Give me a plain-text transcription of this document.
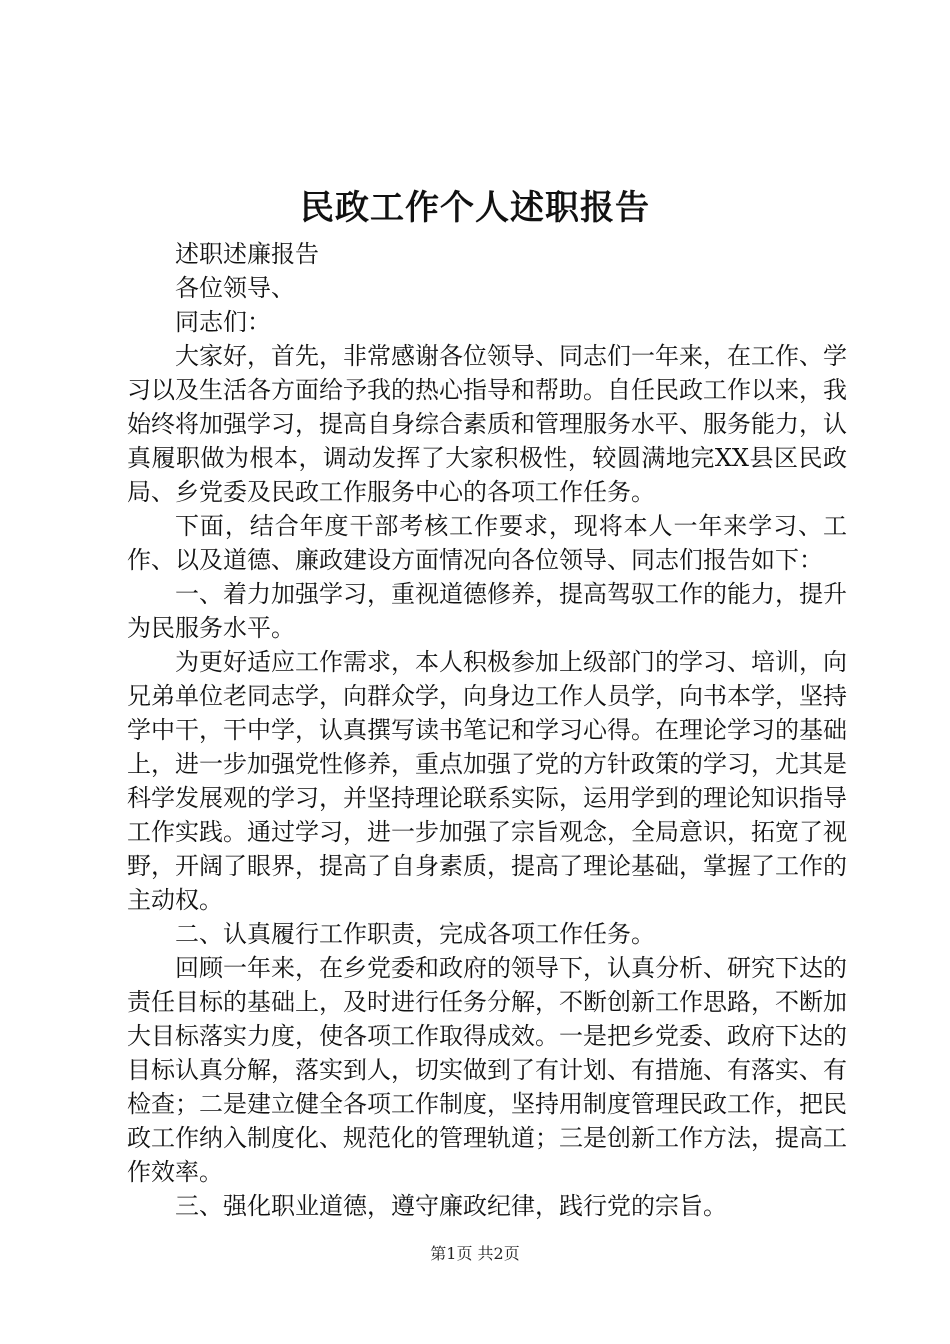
民政工作个人述职报告

述职述廉报告

各位领导、

同志们：

大家好，首先，非常感谢各位领导、同志们一年来，在工作、学习以及生活各方面给予我的热心指导和帮助。自任民政工作以来，我始终将加强学习，提高自身综合素质和管理服务水平、服务能力，认真履职做为根本，调动发挥了大家积极性，较圆满地完XX县区民政局、乡党委及民政工作服务中心的各项工作任务。

下面，结合年度干部考核工作要求，现将本人一年来学习、工作、以及道德、廉政建设方面情况向各位领导、同志们报告如下：

一、着力加强学习，重视道德修养，提高驾驭工作的能力，提升为民服务水平。

为更好适应工作需求，本人积极参加上级部门的学习、培训，向兄弟单位老同志学，向群众学，向身边工作人员学，向书本学，坚持学中干，干中学，认真撰写读书笔记和学习心得。在理论学习的基础上，进一步加强党性修养，重点加强了党的方针政策的学习，尤其是科学发展观的学习，并坚持理论联系实际，运用学到的理论知识指导工作实践。通过学习，进一步加强了宗旨观念，全局意识，拓宽了视野，开阔了眼界，提高了自身素质，提高了理论基础，掌握了工作的主动权。

二、认真履行工作职责，完成各项工作任务。

回顾一年来，在乡党委和政府的领导下，认真分析、研究下达的责任目标的基础上，及时进行任务分解，不断创新工作思路，不断加大目标落实力度，使各项工作取得成效。一是把乡党委、政府下达的目标认真分解，落实到人，切实做到了有计划、有措施、有落实、有检查；二是建立健全各项工作制度，坚持用制度管理民政工作，把民政工作纳入制度化、规范化的管理轨道；三是创新工作方法，提高工作效率。

三、强化职业道德，遵守廉政纪律，践行党的宗旨。

第1页 共2页
